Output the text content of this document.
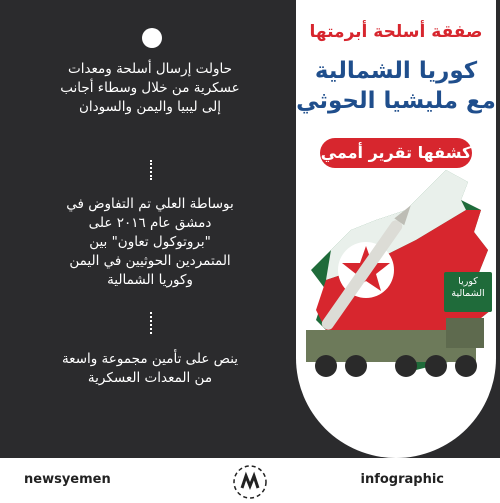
حاولت إرسال أسلحة ومعدات عسكرية من خلال وسطاء أجانب إلى ليبيا واليمن والسودان
بوساطة العلي تم التفاوض في دمشق عام ٢٠١٦ على "بروتوكول تعاون" بين المتمردين الحوثيين في اليمن وكوريا الشمالية
ينص على تأمين مجموعة واسعة من المعدات العسكرية
صفقة أسلحة أبرمتها
كوريا الشمالية
مع مليشيا الحوثي
كشفها تقرير أممي
كوريا الشمالية
newsyemen	infographic
